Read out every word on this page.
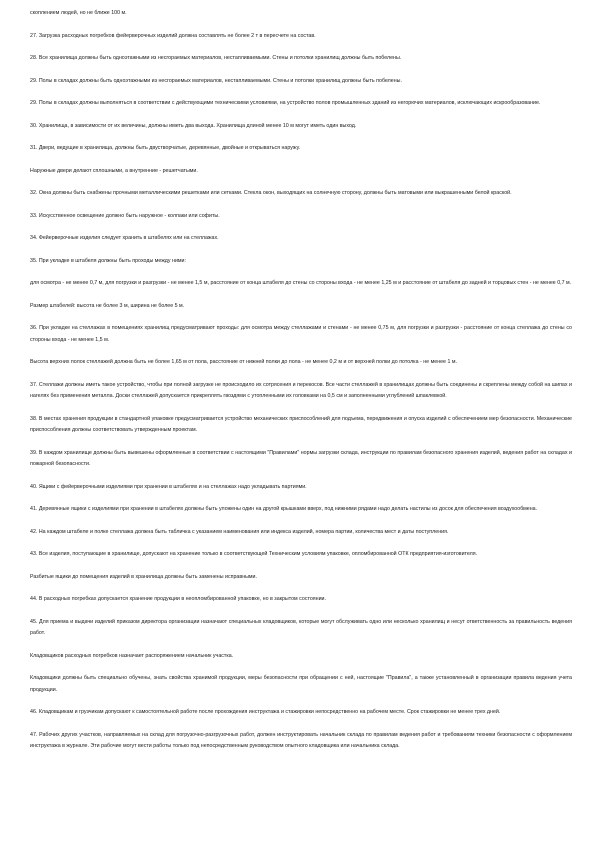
скоплением людей, но не ближе 100 м.

27. Загрузка расходных погребков фейерверочных изделий должна составлять не более 2 т в пересчете на состав.

28. Все хранилища должны быть одноэтажными из несгораемых материалов, нестапливаемыми. Стены и потолки хранилищ должны быть побелены.

29. Полы в складах должны быть одноэтажными из несгораемых материалов, нестапливаемыми. Стены и потолки хранилищ должны быть побелены.

29. Полы в складах должны выполняться в соответствии с действующими техническими условиями, на устройство полов промышленных зданий из негорючих материалов, исключающих искрообразование.

30. Хранилища, в зависимости от их величины, должны иметь два выхода. Хранилища длиной менее 10 м могут иметь один выход.

31. Двери, ведущие в хранилища, должны быть двустворчатые, деревянные, двойные и открываться наружу.

Наружные двери делают сплошными, а внутренние - решетчатыми.

32. Окна должны быть снабжены прочными металлическими решетками или сетками. Стекла окон, выходящих на солнечную сторону, должны быть матовыми или выкрашенными белой краской.

33. Искусственное освещение должно быть наружное - колпаки или софиты.

34. Фейерверочные изделия следует хранить в штабелях или на стеллажах.

35. При укладке в штабеля должны быть проходы между ними:

для осмотра - не менее 0,7 м, для погрузки и разгрузки - не менее 1,5 м, расстояние от конца штабеля до стены со стороны входа - не менее 1,25 м и расстояние от штабеля до задней и торцовых стен - не менее 0,7 м.

Размер штабелей: высота не более 3 м, ширина не более 5 м.

36. При укладке на стеллажах в помещениях хранилищ предусматривают проходы: для осмотра между стеллажами и стенами - не менее 0,75 м, для погрузки и разгрузки - расстояние от конца стеллажа до стены со стороны входа - не менее 1,5 м.

Высота верхних полок стеллажей должна быть не более 1,65 м от пола, расстояние от нижней полки до пола - не менее 0,2 м и от верхней полки до потолка - не менее 1 м.

37. Стеллажи должны иметь такое устройство, чтобы при полной загрузке не происходило их сотрясения и перекосов. Все части стеллажей в хранилищах должны быть соединены и скреплены между собой на шипах и нагелях без применения металла. Доски стеллажей допускается прикреплять гвоздями с утопленными их головками на 0,5 см и заполненными углублений шпаклевкой.

38. В местах хранения продукции в стандартной упаковке предусматривается устройство механических приспособлений для подъема, передвижения и опуска изделий с обеспечением мер безопасности. Механические приспособления должны соответствовать утвержденным проектам.

39. В каждом хранилище должны быть вывешены оформленные в соответствии с настоящими "Правилами" нормы загрузки склада, инструкции по правилам безопасного хранения изделий, ведения работ на складах и пожарной безопасности.

40. Ящики с фейерверочными изделиями при хранении в штабелях и на стеллажах надо укладывать партиями.

41. Деревянные ящики с изделиями при хранении в штабелях должны быть уложены один на другой крышками вверх, под нижними рядами надо делать настилы из досок для обеспечения воздухообмена.

42. На каждом штабеле и полке стеллажа должна быть табличка с указанием наименования или индекса изделий, номера партии, количества мест и даты поступления.

43. Все изделия, поступающие в хранилище, допускают на хранение только в соответствующей Техническим условиям упаковке, опломбированной ОТК предприятия-изготовителя.

Разбитые ящики до помещения изделий в хранилища должны быть заменены исправными.

44. В расходных погребках допускается хранение продукции в неопломбированной упаковке, но в закрытом состоянии.

45. Для приема и выдачи изделий приказом директора организации назначают специальных кладовщиков, которые могут обслуживать одно или несколько хранилищ и несут ответственность за правильность ведения работ.

Кладовщиков расходных погребков назначает распоряжением начальник участка.

Кладовщики должны быть специально обучены, знать свойства хранимой продукции, меры безопасности при обращении с ней, настоящие "Правила", а также установленный в организации правила ведения учета продукции.

46. Кладовщикам и грузчикам допускают к самостоятельной работе после прохождения инструктажа и стажировки непосредственно на рабочем месте. Срок стажировки не менее трех дней.

47. Рабочих других участков, направляемых на склад для погрузочно-разгрузочных работ, должен инструктировать начальник склада по правилам ведения работ и требованиям техники безопасности с оформлением инструктажа в журнале. Эти рабочие могут вести работы только под непосредственным руководством опытного кладовщика или начальника склада.
